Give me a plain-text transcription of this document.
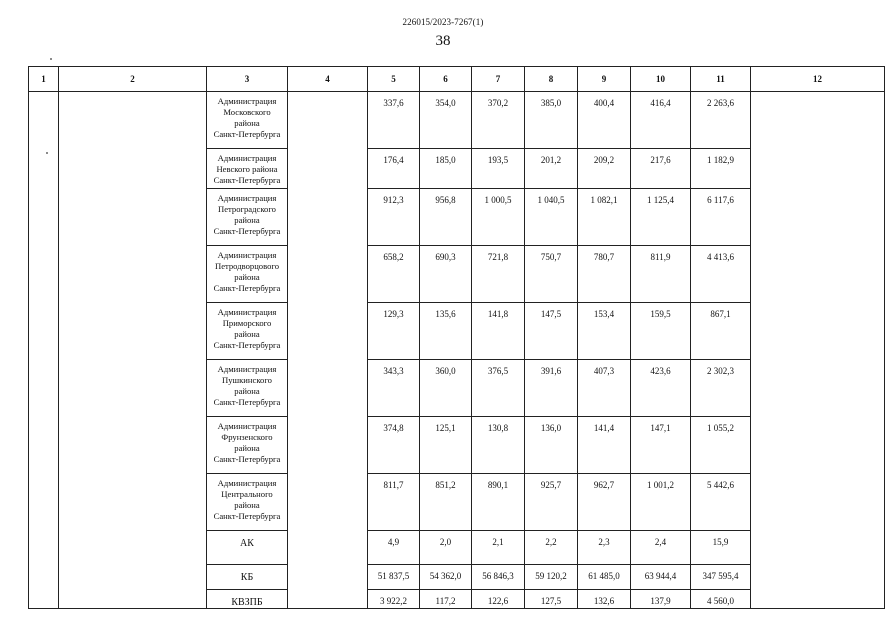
226015/2023-7267(1)
38
1	2	3	4	5	6	7	8	9	10	11	12
		Администрация
Московского
района
Санкт-Петербурга		337,6	354,0	370,2	385,0	400,4	416,4	2 263,6	
		Администрация
Невского района
Санкт-Петербурга		176,4	185,0	193,5	201,2	209,2	217,6	1 182,9	
		Администрация
Петроградского
района
Санкт-Петербурга		912,3	956,8	1 000,5	1 040,5	1 082,1	1 125,4	6 117,6	
		Администрация
Петродворцового
района
Санкт-Петербурга		658,2	690,3	721,8	750,7	780,7	811,9	4 413,6	
		Администрация
Приморского
района
Санкт-Петербурга		129,3	135,6	141,8	147,5	153,4	159,5	867,1	
		Администрация
Пушкинского
района
Санкт-Петербурга		343,3	360,0	376,5	391,6	407,3	423,6	2 302,3	
		Администрация
Фрунзенского
района
Санкт-Петербурга		374,8	125,1	130,8	136,0	141,4	147,1	1 055,2	
		Администрация
Центрального
района
Санкт-Петербурга		811,7	851,2	890,1	925,7	962,7	1 001,2	5 442,6	
		АК		4,9	2,0	2,1	2,2	2,3	2,4	15,9	
		КБ		51 837,5	54 362,0	56 846,3	59 120,2	61 485,0	63 944,4	347 595,4	
		КВЗПБ		3 922,2	117,2	122,6	127,5	132,6	137,9	4 560,0	
